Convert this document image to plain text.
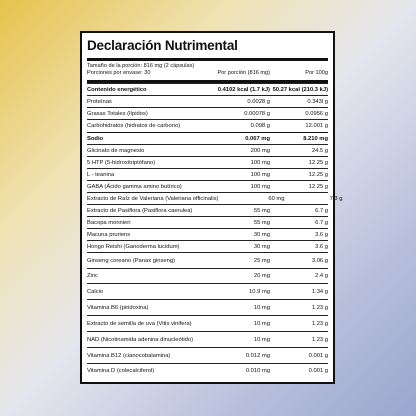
Declaración Nutrimental
Tamaño de la porción: 816 mg (2 cápsulas)
Porciones por envase: 30	Por porción (816 mg)	Por 100g
Contenido energético	0.4102 kcal (1.7 kJ) 50.27 kcal (210.3 kJ)
Proteínas	0.0028 g	0.343l g
Grasas Totales (lípidos)	0.00078 g	0.0956 g
Carbohidratos (hidratos de carbono)	0.098 g	12.001 g
Sodio	0.067 mg	8.210 mg
Glicinato de magnesio	200 mg	24.5 g
5 HTP (5-hidroxitriptófano)	100 mg	12.25 g
L - teanina	100 mg	12.25 g
GABA (Ácido gamma amino butírico)	100 mg	12.25 g
Extracto de Raíz de Valeriana (Valeriana officinalis)	60 mg	7.3 g
Extracto de Pasiflora (Pasiflora caerulea)	55 mg	6.7 g
Bacopa monnieri	55 mg	6.7 g
Macuna pruriens	30 mg	3.6 g
Hongo Reishi (Ganoderma lucidum)	30 mg	3.6 g
Ginseng coreano (Panax ginseng)	25 mg	3.06 g
Zinc	20 mg	2.4 g
Calcio	10.9 mg	1.34 g
Vitamina B6 (piridoxina)	10 mg	1.23 g
Extracto de semilla de uva (Vitis vinifera)	10 mg	1.23 g
NAD (Nicotinamida adenina dinucleótido)	10 mg	1.23 g
Vitamina B12 (cianocobalamina)	0.012 mg	0.001 g
Vitamina D (colecalciferol)	0.010 mg	0.001 g
